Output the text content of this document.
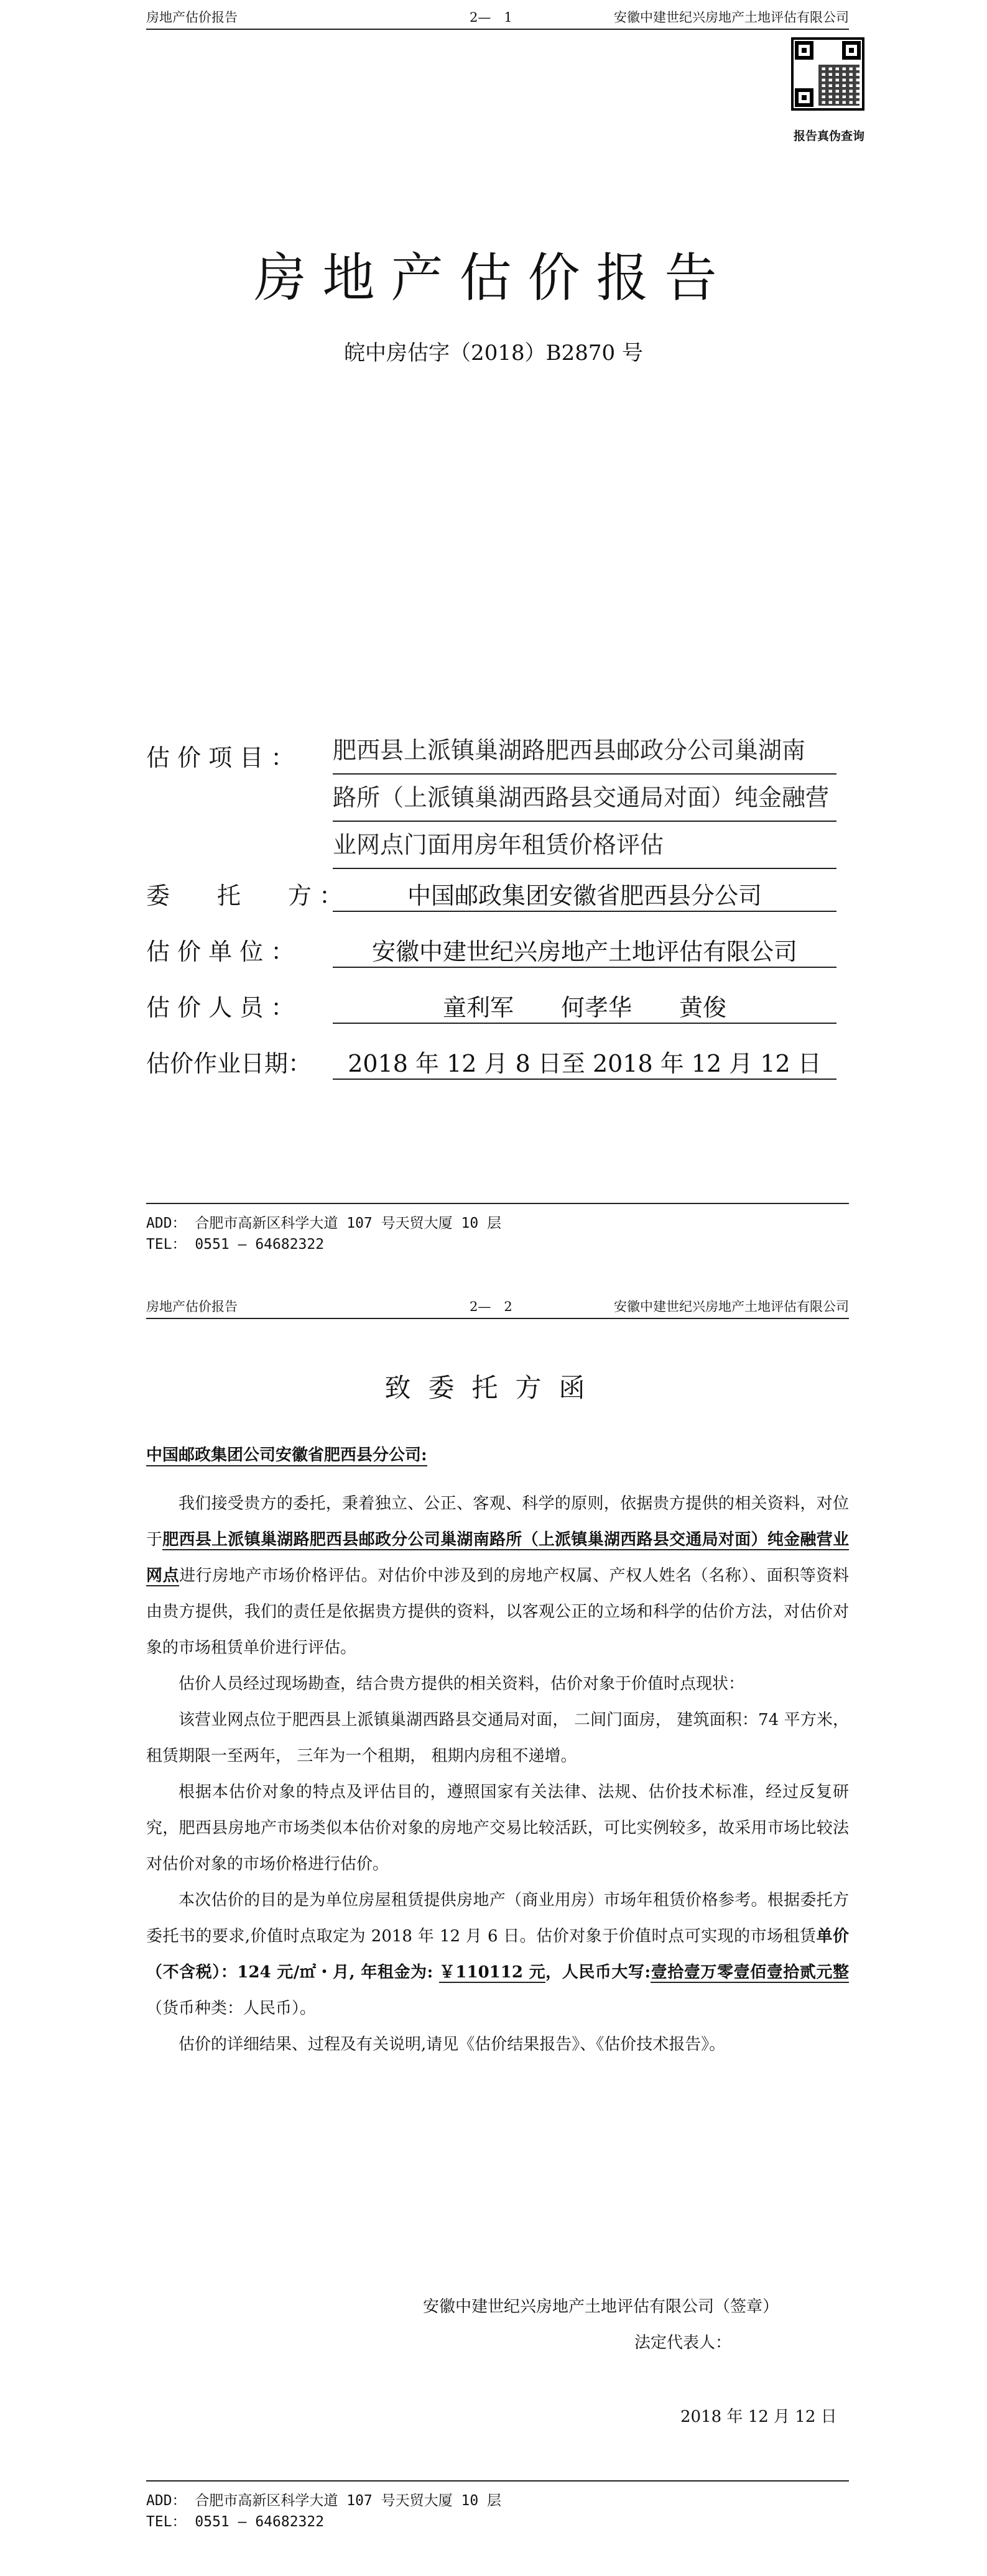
房地产估价报告	2—　1	安徽中建世纪兴房地产土地评估有限公司
报告真伪查询
房地产估价报告
皖中房估字（2018）B2870 号
估 价 项 目 ：	肥西县上派镇巢湖路肥西县邮政分公司巢湖南
路所（上派镇巢湖西路县交通局对面）纯金融营
业网点门面用房年租赁价格评估
委　　托　　方 ：	中国邮政集团安徽省肥西县分公司
估 价 单 位 ：	安徽中建世纪兴房地产土地评估有限公司
估 价 人 员 ：	童利军　　何孝华　　黄俊
估价作业日期：	2018 年 12 月 8 日至 2018 年 12 月 12 日
ADD： 合肥市高新区科学大道 107 号天贸大厦 10 层
TEL： 0551 — 64682322
房地产估价报告	2—　2	安徽中建世纪兴房地产土地评估有限公司
致委托方函
中国邮政集团公司安徽省肥西县分公司:

我们接受贵方的委托，秉着独立、公正、客观、科学的原则，依据贵方提供的相关资料，对位于肥西县上派镇巢湖路肥西县邮政分公司巢湖南路所（上派镇巢湖西路县交通局对面）纯金融营业网点进行房地产市场价格评估。对估价中涉及到的房地产权属、产权人姓名（名称）、面积等资料由贵方提供，我们的责任是依据贵方提供的资料，以客观公正的立场和科学的估价方法，对估价对象的市场租赁单价进行评估。

估价人员经过现场勘查，结合贵方提供的相关资料，估价对象于价值时点现状：

该营业网点位于肥西县上派镇巢湖西路县交通局对面， 二间门面房， 建筑面积：74 平方米， 租赁期限一至两年， 三年为一个租期， 租期内房租不递增。

根据本估价对象的特点及评估目的，遵照国家有关法律、法规、估价技术标准，经过反复研究，肥西县房地产市场类似本估价对象的房地产交易比较活跃，可比实例较多，故采用市场比较法对估价对象的市场价格进行估价。

本次估价的目的是为单位房屋租赁提供房地产（商业用房）市场年租赁价格参考。根据委托方委托书的要求,价值时点取定为 2018 年 12 月 6 日。估价对象于价值时点可实现的市场租赁单价（不含税）：124 元/㎡・月, 年租金为: ￥110112 元，人民币大写:壹拾壹万零壹佰壹拾贰元整（货币种类：人民币）。

估价的详细结果、过程及有关说明,请见《估价结果报告》、《估价技术报告》。

安徽中建世纪兴房地产土地评估有限公司（签章）
法定代表人：
2018 年 12 月 12 日
ADD： 合肥市高新区科学大道 107 号天贸大厦 10 层
TEL： 0551 — 64682322
